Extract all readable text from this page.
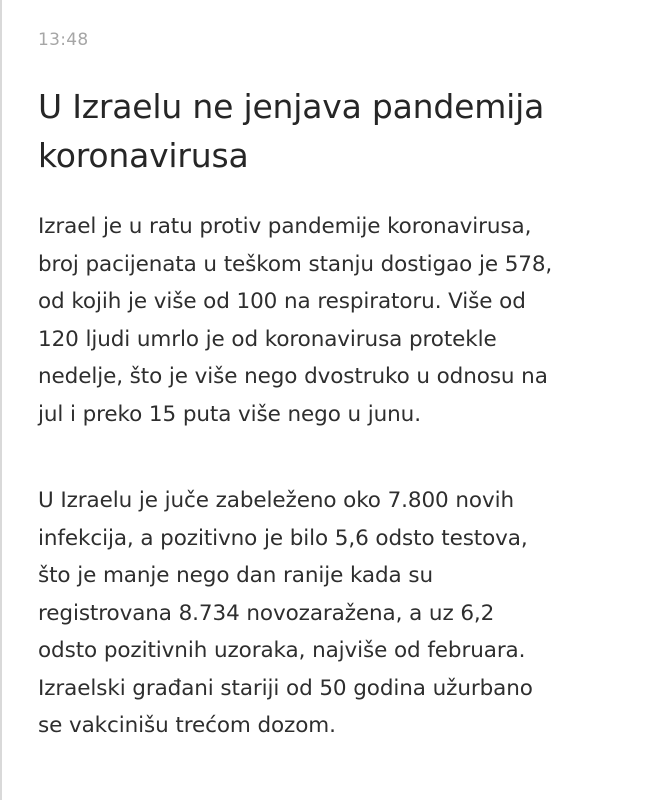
13:48
U Izraelu ne jenjava pandemija koronavirusa

Izrael je u ratu protiv pandemije koronavirusa,
broj pacijenata u teškom stanju dostigao je 578,
od kojih je više od 100 na respiratoru. Više od
120 ljudi umrlo je od koronavirusa protekle
nedelje, što je više nego dvostruko u odnosu na
jul i preko 15 puta više nego u junu.

U Izraelu je juče zabeleženo oko 7.800 novih
infekcija, a pozitivno je bilo 5,6 odsto testova,
što je manje nego dan ranije kada su
registrovana 8.734 novozaražena, a uz 6,2
odsto pozitivnih uzoraka, najviše od februara.
Izraelski građani stariji od 50 godina užurbano
se vakcinišu trećom dozom.
